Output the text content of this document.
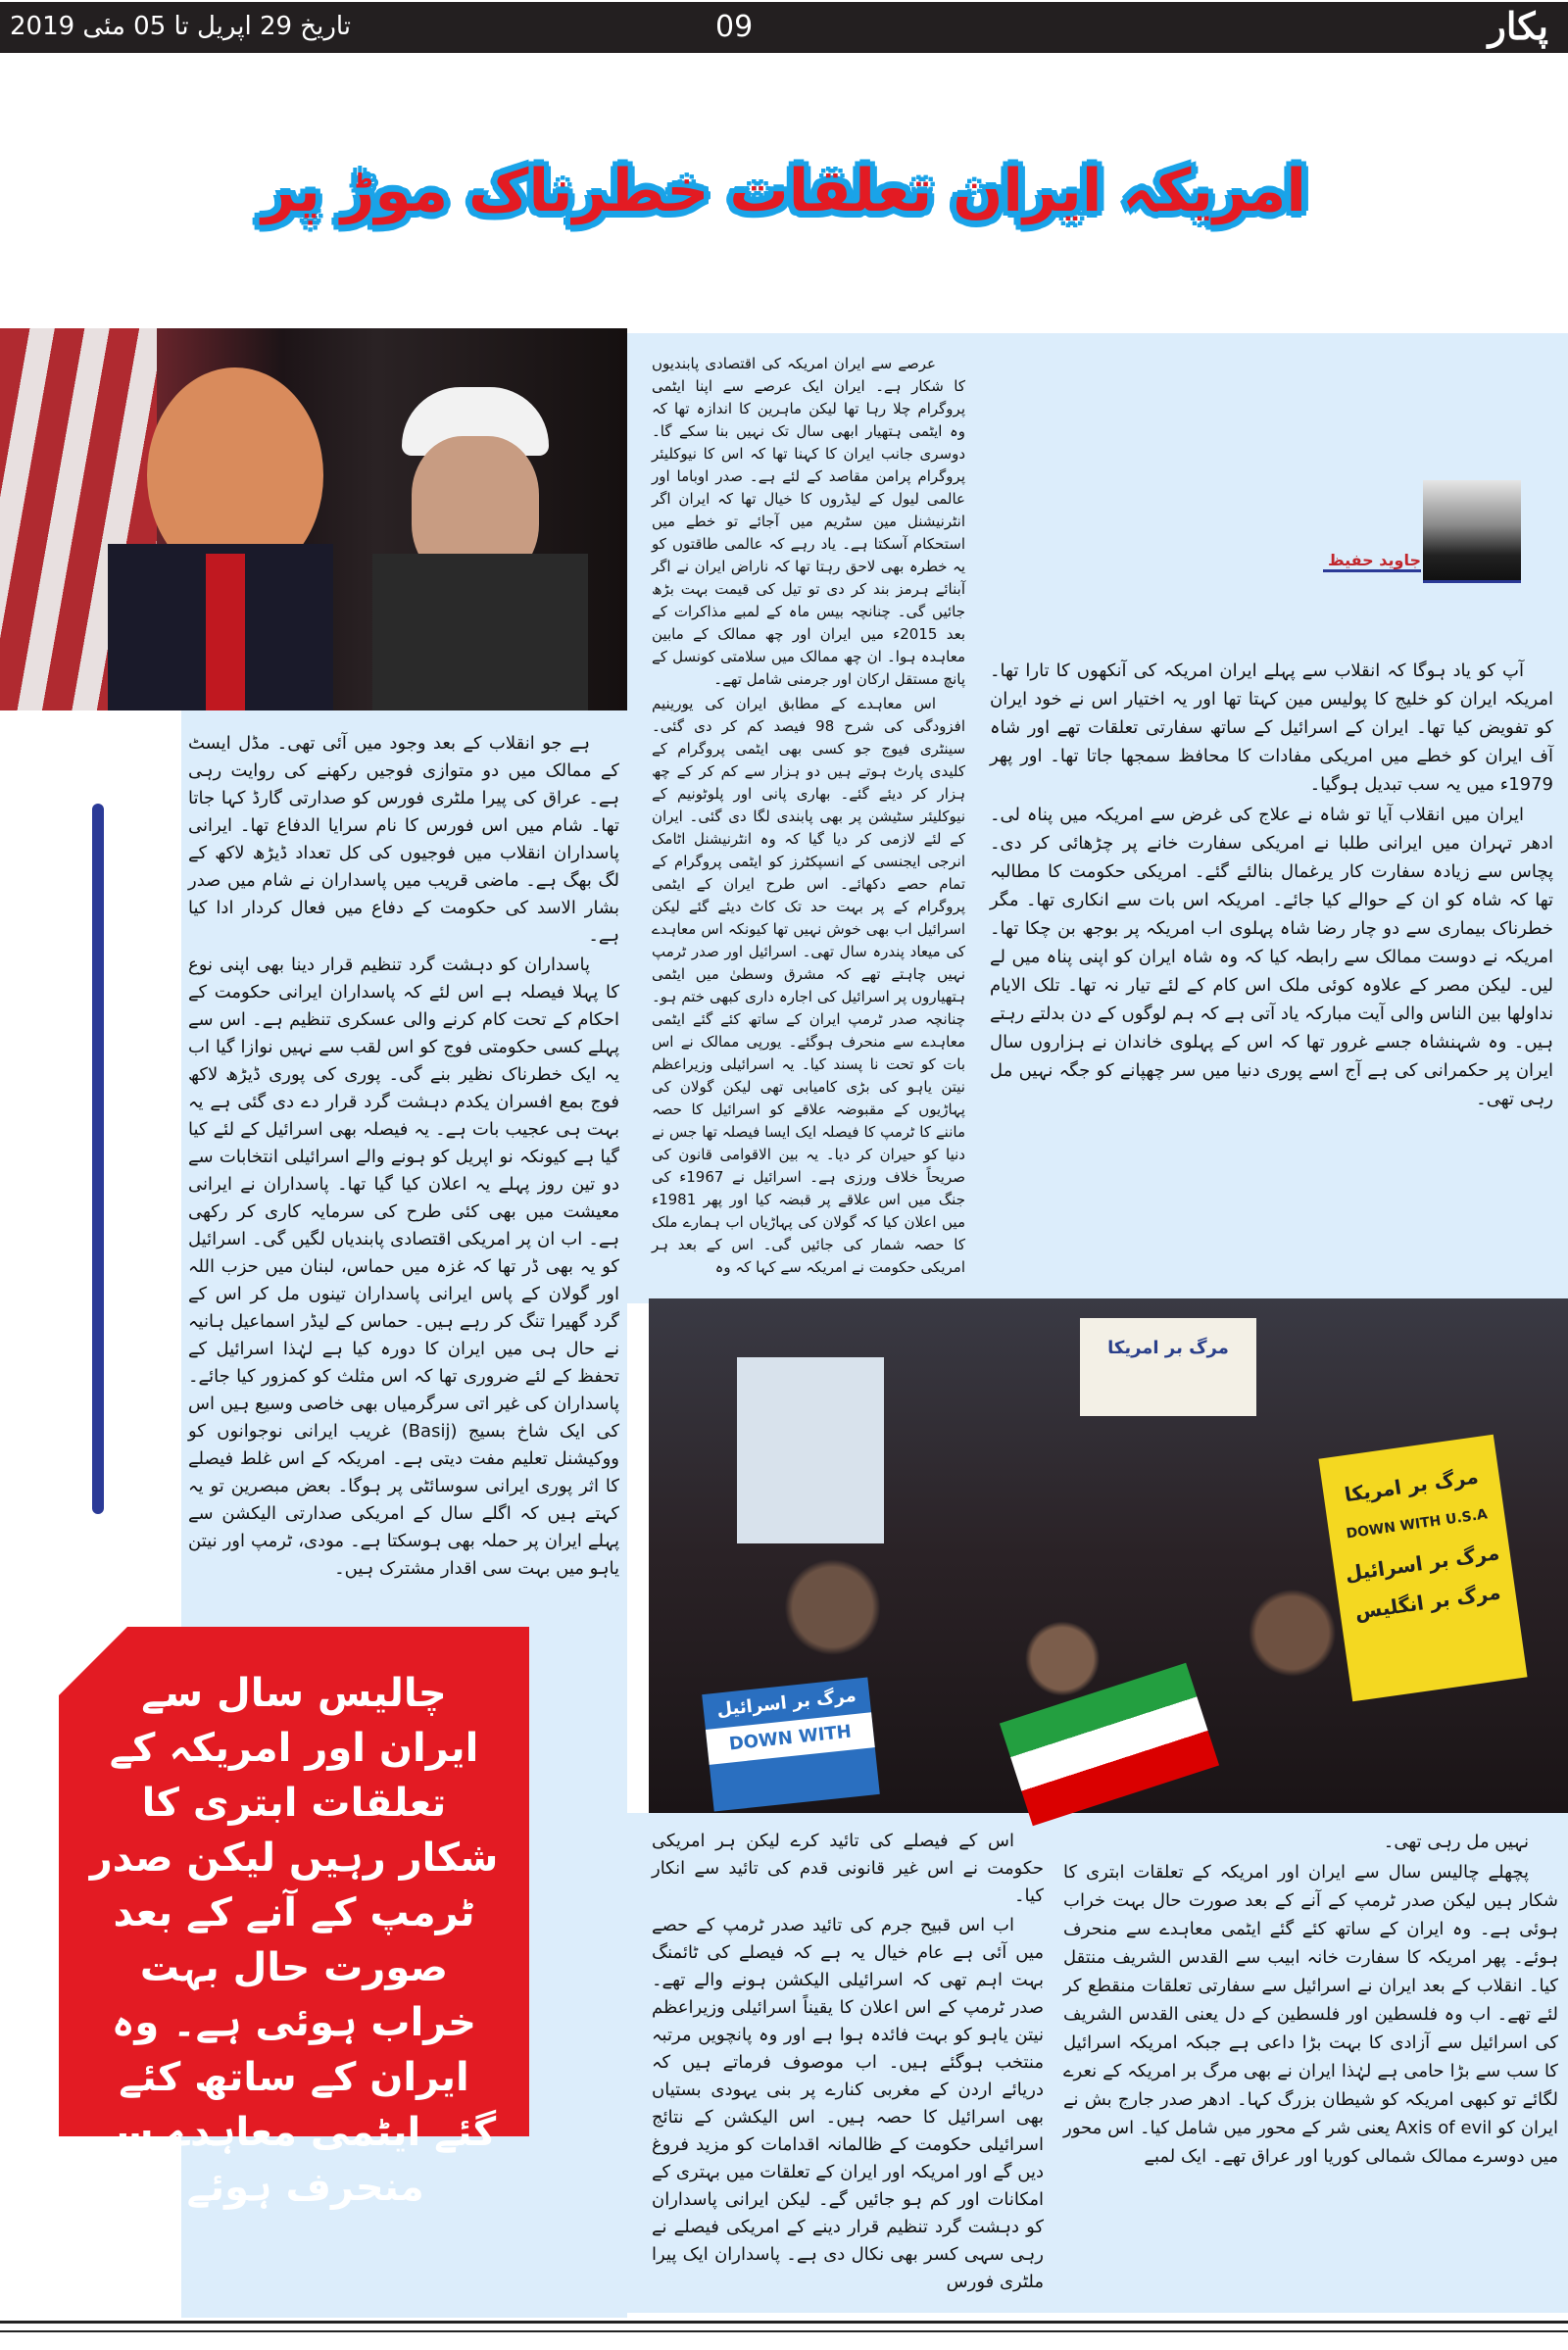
تاریخ 29 اپریل تا 05 مئی 2019	09	پکار
امریکہ ایران تعلقات خطرناک موڑ پر
جاوید حفیظ

آپ کو یاد ہوگا کہ انقلاب سے پہلے ایران امریکہ کی آنکھوں کا تارا تھا۔ امریکہ ایران کو خلیج کا پولیس مین کہتا تھا اور یہ اختیار اس نے خود ایران کو تفویض کیا تھا۔ ایران کے اسرائیل کے ساتھ سفارتی تعلقات تھے اور شاہ آف ایران کو خطے میں امریکی مفادات کا محافظ سمجھا جاتا تھا۔ اور پھر 1979ء میں یہ سب تبدیل ہوگیا۔

ایران میں انقلاب آیا تو شاہ نے علاج کی غرض سے امریکہ میں پناہ لی۔ ادھر تہران میں ایرانی طلبا نے امریکی سفارت خانے پر چڑھائی کر دی۔ پچاس سے زیادہ سفارت کار یرغمال بنالئے گئے۔ امریکی حکومت کا مطالبہ تھا کہ شاہ کو ان کے حوالے کیا جائے۔ امریکہ اس بات سے انکاری تھا۔ مگر خطرناک بیماری سے دو چار رضا شاہ پہلوی اب امریکہ پر بوجھ بن چکا تھا۔ امریکہ نے دوست ممالک سے رابطہ کیا کہ وہ شاہ ایران کو اپنی پناہ میں لے لیں۔ لیکن مصر کے علاوہ کوئی ملک اس کام کے لئے تیار نہ تھا۔ تلک الایام نداولھا بین الناس والی آیت مبارکہ یاد آتی ہے کہ ہم لوگوں کے دن بدلتے رہتے ہیں۔ وہ شہنشاہ جسے غرور تھا کہ اس کے پہلوی خاندان نے ہزاروں سال ایران پر حکمرانی کی ہے آج اسے پوری دنیا میں سر چھپانے کو جگہ نہیں مل رہی تھی۔

عرصے سے ایران امریکہ کی اقتصادی پابندیوں کا شکار ہے۔ ایران ایک عرصے سے اپنا ایٹمی پروگرام چلا رہا تھا لیکن ماہرین کا اندازہ تھا کہ وہ ایٹمی ہتھیار ابھی سال تک نہیں بنا سکے گا۔ دوسری جانب ایران کا کہنا تھا کہ اس کا نیوکلیئر پروگرام پرامن مقاصد کے لئے ہے۔ صدر اوباما اور عالمی لیول کے لیڈروں کا خیال تھا کہ ایران اگر انٹرنیشنل مین سٹریم میں آجائے تو خطے میں استحکام آسکتا ہے۔ یاد رہے کہ عالمی طاقتوں کو یہ خطرہ بھی لاحق رہتا تھا کہ ناراض ایران نے اگر آبنائے ہرمز بند کر دی تو تیل کی قیمت بہت بڑھ جائیں گی۔ چنانچہ بیس ماہ کے لمبے مذاکرات کے بعد 2015ء میں ایران اور چھ ممالک کے مابین معاہدہ ہوا۔ ان چھ ممالک میں سلامتی کونسل کے پانچ مستقل ارکان اور جرمنی شامل تھے۔

اس معاہدے کے مطابق ایران کی یورینیم افزودگی کی شرح 98 فیصد کم کر دی گئی۔ سینٹری فیوج جو کسی بھی ایٹمی پروگرام کے کلیدی پارٹ ہوتے ہیں دو ہزار سے کم کر کے چھ ہزار کر دیئے گئے۔ بھاری پانی اور پلوٹونیم کے نیوکلیئر سٹیشن پر بھی پابندی لگا دی گئی۔ ایران کے لئے لازمی کر دیا گیا کہ وہ انٹرنیشنل اٹامک انرجی ایجنسی کے انسپکٹرز کو ایٹمی پروگرام کے تمام حصے دکھائے۔ اس طرح ایران کے ایٹمی پروگرام کے پر بہت حد تک کاٹ دیئے گئے لیکن اسرائیل اب بھی خوش نہیں تھا کیونکہ اس معاہدے کی میعاد پندرہ سال تھی۔ اسرائیل اور صدر ٹرمپ نہیں چاہتے تھے کہ مشرق وسطیٰ میں ایٹمی ہتھیاروں پر اسرائیل کی اجارہ داری کبھی ختم ہو۔ چنانچہ صدر ٹرمپ ایران کے ساتھ کئے گئے ایٹمی معاہدے سے منحرف ہوگئے۔ یورپی ممالک نے اس بات کو تحت نا پسند کیا۔ یہ اسرائیلی وزیراعظم نیتن یاہو کی بڑی کامیابی تھی لیکن گولان کی پہاڑیوں کے مقبوضہ علاقے کو اسرائیل کا حصہ ماننے کا ٹرمپ کا فیصلہ ایک ایسا فیصلہ تھا جس نے دنیا کو حیران کر دیا۔ یہ بین الاقوامی قانون کی صریحاً خلاف ورزی ہے۔ اسرائیل نے 1967ء کی جنگ میں اس علاقے پر قبضہ کیا اور پھر 1981ء میں اعلان کیا کہ گولان کی پہاڑیاں اب ہمارے ملک کا حصہ شمار کی جائیں گی۔ اس کے بعد ہر امریکی حکومت نے امریکہ سے کہا کہ وہ

ہے جو انقلاب کے بعد وجود میں آئی تھی۔ مڈل ایسٹ کے ممالک میں دو متوازی فوجیں رکھنے کی روایت رہی ہے۔ عراق کی پیرا ملٹری فورس کو صدارتی گارڈ کہا جاتا تھا۔ شام میں اس فورس کا نام سرایا الدفاع تھا۔ ایرانی پاسداران انقلاب میں فوجیوں کی کل تعداد ڈیڑھ لاکھ کے لگ بھگ ہے۔ ماضی قریب میں پاسداران نے شام میں صدر بشار الاسد کی حکومت کے دفاع میں فعال کردار ادا کیا ہے۔

پاسداران کو دہشت گرد تنظیم قرار دینا بھی اپنی نوع کا پہلا فیصلہ ہے اس لئے کہ پاسداران ایرانی حکومت کے احکام کے تحت کام کرنے والی عسکری تنظیم ہے۔ اس سے پہلے کسی حکومتی فوج کو اس لقب سے نہیں نوازا گیا اب یہ ایک خطرناک نظیر بنے گی۔ پوری کی پوری ڈیڑھ لاکھ فوج بمع افسران یکدم دہشت گرد قرار دے دی گئی ہے یہ بہت ہی عجیب بات ہے۔ یہ فیصلہ بھی اسرائیل کے لئے کیا گیا ہے کیونکہ نو اپریل کو ہونے والے اسرائیلی انتخابات سے دو تین روز پہلے یہ اعلان کیا گیا تھا۔ پاسداران نے ایرانی معیشت میں بھی کئی طرح کی سرمایہ کاری کر رکھی ہے۔ اب ان پر امریکی اقتصادی پابندیاں لگیں گی۔ اسرائیل کو یہ بھی ڈر تھا کہ غزہ میں حماس، لبنان میں حزب اللہ اور گولان کے پاس ایرانی پاسداران تینوں مل کر اس کے گرد گھیرا تنگ کر رہے ہیں۔ حماس کے لیڈر اسماعیل ہانیہ نے حال ہی میں ایران کا دورہ کیا ہے لہٰذا اسرائیل کے تحفظ کے لئے ضروری تھا کہ اس مثلث کو کمزور کیا جائے۔ پاسداران کی غیر اتی سرگرمیاں بھی خاصی وسیع ہیں اس کی ایک شاخ بسیج (Basij) غریب ایرانی نوجوانوں کو ووکیشنل تعلیم مفت دیتی ہے۔ امریکہ کے اس غلط فیصلے کا اثر پوری ایرانی سوسائٹی پر ہوگا۔ بعض مبصرین تو یہ کہتے ہیں کہ اگلے سال کے امریکی صدارتی الیکشن سے پہلے ایران پر حملہ بھی ہوسکتا ہے۔ مودی، ٹرمپ اور نیتن یاہو میں بہت سی اقدار مشترک ہیں۔

مرگ بر امریکا
مرگ بر امریکا
DOWN WITH U.S.A
مرگ بر اسرائیل
مرگ بر انگلیس
مرگ بر اسرائیل
DOWN WITH
چالیس سال سے ایران اور امریکہ کے تعلقات ابتری کا شکار رہیں لیکن صدر ٹرمپ کے آنے کے بعد صورت حال بہت خراب ہوئی ہے۔ وہ ایران کے ساتھ کئے گئے ایٹمی معاہدے سے منحرف ہوئے۔

نہیں مل رہی تھی۔

پچھلے چالیس سال سے ایران اور امریکہ کے تعلقات ابتری کا شکار ہیں لیکن صدر ٹرمپ کے آنے کے بعد صورت حال بہت خراب ہوئی ہے۔ وہ ایران کے ساتھ کئے گئے ایٹمی معاہدے سے منحرف ہوئے۔ پھر امریکہ کا سفارت خانہ ابیب سے القدس الشریف منتقل کیا۔ انقلاب کے بعد ایران نے اسرائیل سے سفارتی تعلقات منقطع کر لئے تھے۔ اب وہ فلسطین اور فلسطین کے دل یعنی القدس الشریف کی اسرائیل سے آزادی کا بہت بڑا داعی ہے جبکہ امریکہ اسرائیل کا سب سے بڑا حامی ہے لہٰذا ایران نے بھی مرگ بر امریکہ کے نعرے لگائے تو کبھی امریکہ کو شیطان بزرگ کہا۔ ادھر صدر جارج بش نے ایران کو Axis of evil یعنی شر کے محور میں شامل کیا۔ اس محور میں دوسرے ممالک شمالی کوریا اور عراق تھے۔ ایک لمبے

اس کے فیصلے کی تائید کرے لیکن ہر امریکی حکومت نے اس غیر قانونی قدم کی تائید سے انکار کیا۔

اب اس قبیح جرم کی تائید صدر ٹرمپ کے حصے میں آئی ہے عام خیال یہ ہے کہ فیصلے کی ٹائمنگ بہت اہم تھی کہ اسرائیلی الیکشن ہونے والے تھے۔ صدر ٹرمپ کے اس اعلان کا یقیناً اسرائیلی وزیراعظم نیتن یاہو کو بہت فائدہ ہوا ہے اور وہ پانچویں مرتبہ منتخب ہوگئے ہیں۔ اب موصوف فرماتے ہیں کہ دریائے اردن کے مغربی کنارے پر بنی یہودی بستیاں بھی اسرائیل کا حصہ ہیں۔ اس الیکشن کے نتائج اسرائیلی حکومت کے ظالمانہ اقدامات کو مزید فروغ دیں گے اور امریکہ اور ایران کے تعلقات میں بہتری کے امکانات اور کم ہو جائیں گے۔ لیکن ایرانی پاسداران کو دہشت گرد تنظیم قرار دینے کے امریکی فیصلے نے رہی سہی کسر بھی نکال دی ہے۔ پاسداران ایک پیرا ملٹری فورس
